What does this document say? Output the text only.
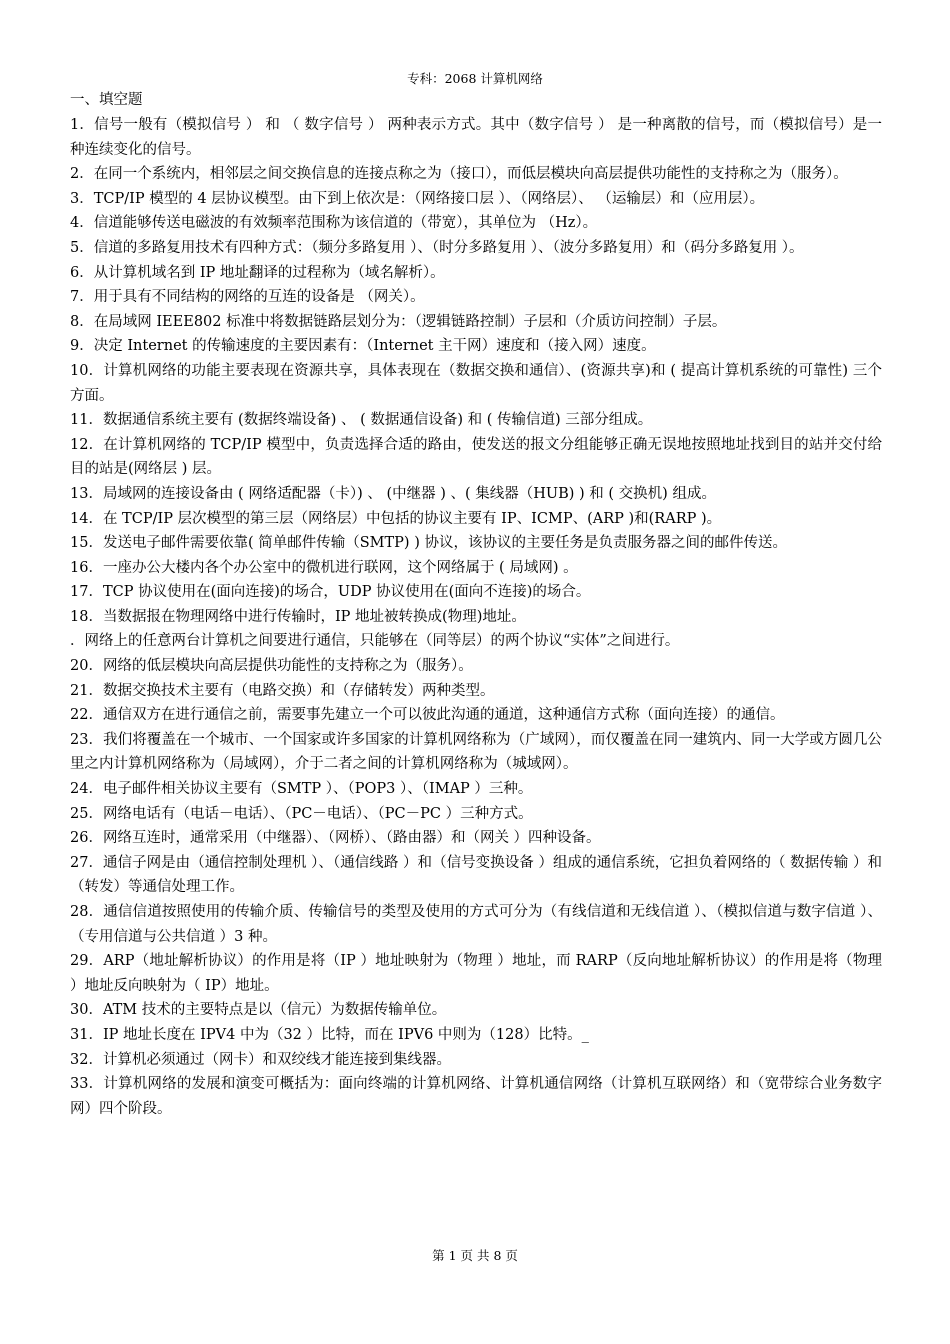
专科：2068 计算机网络
一、填空题

1．信号一般有（模拟信号 ） 和 （ 数字信号 ） 两种表示方式。其中（数字信号 ） 是一种离散的信号，而（模拟信号）是一种连续变化的信号。

2．在同一个系统内，相邻层之间交换信息的连接点称之为（接口），而低层模块向高层提供功能性的支持称之为（服务）。

3．TCP/IP 模型的 4 层协议模型。由下到上依次是：（网络接口层 ）、（网络层）、 （运输层）和（应用层）。

4．信道能够传送电磁波的有效频率范围称为该信道的（带宽），其单位为 （Hz）。

5．信道的多路复用技术有四种方式：（频分多路复用 ）、（时分多路复用 ）、（波分多路复用）和（码分多路复用 ）。

6．从计算机域名到 IP 地址翻译的过程称为（域名解析）。

7．用于具有不同结构的网络的互连的设备是 （网关）。

8．在局域网 IEEE802 标准中将数据链路层划分为：（逻辑链路控制）子层和（介质访问控制）子层。

9．决定 Internet 的传输速度的主要因素有：（Internet 主干网）速度和（接入网）速度。

10．计算机网络的功能主要表现在资源共享，具体表现在（数据交换和通信）、(资源共享)和 ( 提高计算机系统的可靠性) 三个方面。

11．数据通信系统主要有 (数据终端设备) 、 ( 数据通信设备) 和 ( 传输信道) 三部分组成。

12．在计算机网络的 TCP/IP 模型中，负责选择合适的路由，使发送的报文分组能够正确无误地按照地址找到目的站并交付给目的站是(网络层 ) 层。

13．局域网的连接设备由 ( 网络适配器（卡）) 、 (中继器 ) 、( 集线器（HUB) ) 和 ( 交换机) 组成。

14．在 TCP/IP 层次模型的第三层（网络层）中包括的协议主要有 IP、ICMP、(ARP )和(RARP )。

15．发送电子邮件需要依靠( 简单邮件传输（SMTP) ) 协议，该协议的主要任务是负责服务器之间的邮件传送。

16．一座办公大楼内各个办公室中的微机进行联网，这个网络属于 ( 局域网) 。

17．TCP 协议使用在(面向连接)的场合，UDP 协议使用在(面向不连接)的场合。

18．当数据报在物理网络中进行传输时，IP 地址被转换成(物理)地址。

．网络上的任意两台计算机之间要进行通信，只能够在（同等层）的两个协议“实体”之间进行。

20．网络的低层模块向高层提供功能性的支持称之为（服务）。

21．数据交换技术主要有（电路交换）和（存储转发）两种类型。

22．通信双方在进行通信之前，需要事先建立一个可以彼此沟通的通道，这种通信方式称（面向连接）的通信。

23．我们将覆盖在一个城市、一个国家或许多国家的计算机网络称为（广域网），而仅覆盖在同一建筑内、同一大学或方圆几公里之内计算机网络称为（局域网），介于二者之间的计算机网络称为（城域网）。

24．电子邮件相关协议主要有（SMTP ）、（POP3 ）、（IMAP ）三种。

25．网络电话有（电话－电话）、（PC－电话）、（PC－PC ）三种方式。

26．网络互连时，通常采用（中继器）、（网桥）、（路由器）和（网关 ）四种设备。

27．通信子网是由（通信控制处理机 ）、（通信线路 ）和（信号变换设备 ）组成的通信系统，它担负着网络的（ 数据传输 ）和（转发）等通信处理工作。

28．通信信道按照使用的传输介质、传输信号的类型及使用的方式可分为（有线信道和无线信道 ）、（模拟信道与数字信道 ）、（专用信道与公共信道 ）3 种。

29．ARP（地址解析协议）的作用是将（IP ）地址映射为（物理 ）地址，而 RARP（反向地址解析协议）的作用是将（物理 ）地址反向映射为（ IP）地址。

30．ATM 技术的主要特点是以（信元）为数据传输单位。

31．IP 地址长度在 IPV4 中为（32 ）比特，而在 IPV6 中则为（128）比特。_

32．计算机必须通过（网卡）和双绞线才能连接到集线器。

33．计算机网络的发展和演变可概括为：面向终端的计算机网络、计算机通信网络（计算机互联网络）和（宽带综合业务数字网）四个阶段。

第 1 页 共 8 页
